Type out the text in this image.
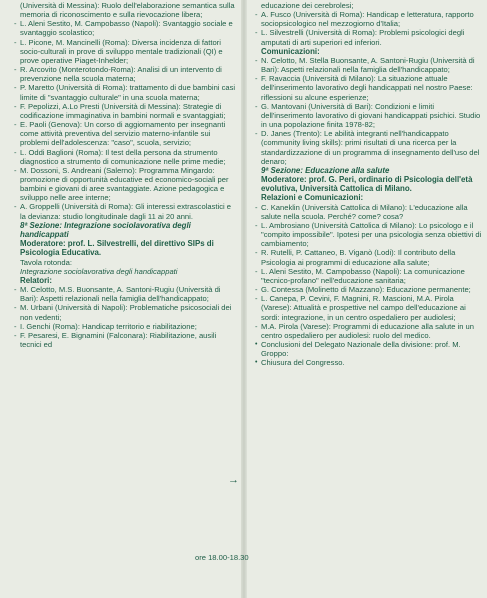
(Università di Messina): Ruolo dell'elaborazione semantica sulla memoria di riconoscimento e sulla rievocazione libera;

- L. Aleni Sestito, M. Campobasso (Napoli): Svantaggio sociale e svantaggio scolastico;

- L. Picone, M. Mancinelli (Roma): Diversa incidenza di fattori socio-culturali in prove di sviluppo mentale tradizionali (QI) e prove operative Piaget-Inhelder;

- R. Arcovito (Monterotondo-Roma): Analisi di un intervento di prevenzione nella scuola materna;

- P. Maretto (Università di Roma): trattamento di due bambini casi limite di "svantaggio culturale" in una scuola materna;

- F. Pepolizzi, A.Lo Presti (Università di Messina): Strategie di codificazione immaginativa in bambini normali e svantaggiati;

- E. Paoli (Genova): Un corso di aggiornamento per insegnanti come attività preventiva del servizio materno-infantile sui problemi dell'adolescenza: "caso", scuola, servizio;

- L. Oddi Baglioni (Roma): Il test della persona da strumento diagnostico a strumento di comunicazione nelle prime medie;

- M. Dossoni, S. Andreani (Salerno): Programma Mingardo: promozione di opportunità educative ed economico-sociali per bambini e giovani di aree svantaggiate. Azione pedagogica e sviluppo nelle aree interne;

- A. Groppelli (Università di Roma): Gli interessi extrascolastici e la devianza: studio longitudinale dagli 11 ai 20 anni.

8ª Sezione: Integrazione sociolavorativa degli handicappati

Moderatore: prof. L. Silvestrelli, del direttivo SIPs di Psicologia Educativa.

Tavola rotonda:

Integrazione sociolavorativa degli handicappati

Relatori:

- M. Celotto, M.S. Buonsante, A. Santoni-Rugiu (Università di Bari): Aspetti relazionali nella famiglia dell'handicappato;

- M. Urbani (Università di Napoli): Problematiche psicosociali dei non vedenti;

- I. Genchi (Roma): Handicap territorio e riabilitazione;

- F. Pesaresi, E. Bignamini (Falconara): Riabilitazione, ausili tecnici ed

educazione dei cerebrolesi;

- A. Fusco (Università di Roma): Handicap e letteratura, rapporto sociopsicologico nel mezzogiorno d'Italia;

- L. Silvestrelli (Università di Roma): Problemi psicologici degli amputati di arti superiori ed inferiori.

Comunicazioni:

- N. Celotto, M. Stella Buonsante, A. Santoni-Rugiu (Università di Bari): Aspetti relazionali nella famiglia dell'handicappato;

- F. Ravaccia (Università di Milano): La situazione attuale dell'inserimento lavorativo degli handicappati nel nostro Paese: riflessioni su alcune esperienze;

- G. Mantovani (Università di Bari): Condizioni e limiti dell'inserimento lavorativo di giovani handicappati psichici. Studio in una popolazione finita 1978-82;

- D. Janes (Trento): Le abilità integranti nell'handicappato (community living skills): primi risultati di una ricerca per la standardizzazione di un programma di insegnamento dell'uso del denaro;

9ª Sezione: Educazione alla salute

Moderatore: prof. G. Peri, ordinario di Psicologia dell'età evolutiva, Università Cattolica di Milano.

Relazioni e Comunicazioni:

- C. Kaneklin (Università Cattolica di Milano): L'educazione alla salute nella scuola. Perché? come? cosa?

- L. Ambrosiano (Università Cattolica di Milano): Lo psicologo e il "compito impossibile". Ipotesi per una psicologia senza obiettivi di cambiamento;

- R. Rutelli, P. Cattaneo, B. Viganò (Lodi): Il contributo della Psicologia ai programmi di educazione alla salute;

- L. Aleni Sestito, M. Campobasso (Napoli): La comunicazione "tecnico-profano" nell'educazione sanitaria;

- G. Contessa (Molinetto di Mazzano): Educazione permanente;

- L. Canepa, P. Cevini, F. Magnini, R. Mascioni, M.A. Pirola (Varese): Attualità e prospettive nel campo dell'educazione ai sordi: integrazione, in un centro ospedaliero per audiolesi;

- M.A. Pirola (Varese): Programmi di educazione alla salute in un centro ospedaliero per audiolesi: ruolo del medico.

• Conclusioni del Delegato Nazionale della divisione: prof. M. Groppo:

• Chiusura del Congresso.

→
ore 18.00-18.30
